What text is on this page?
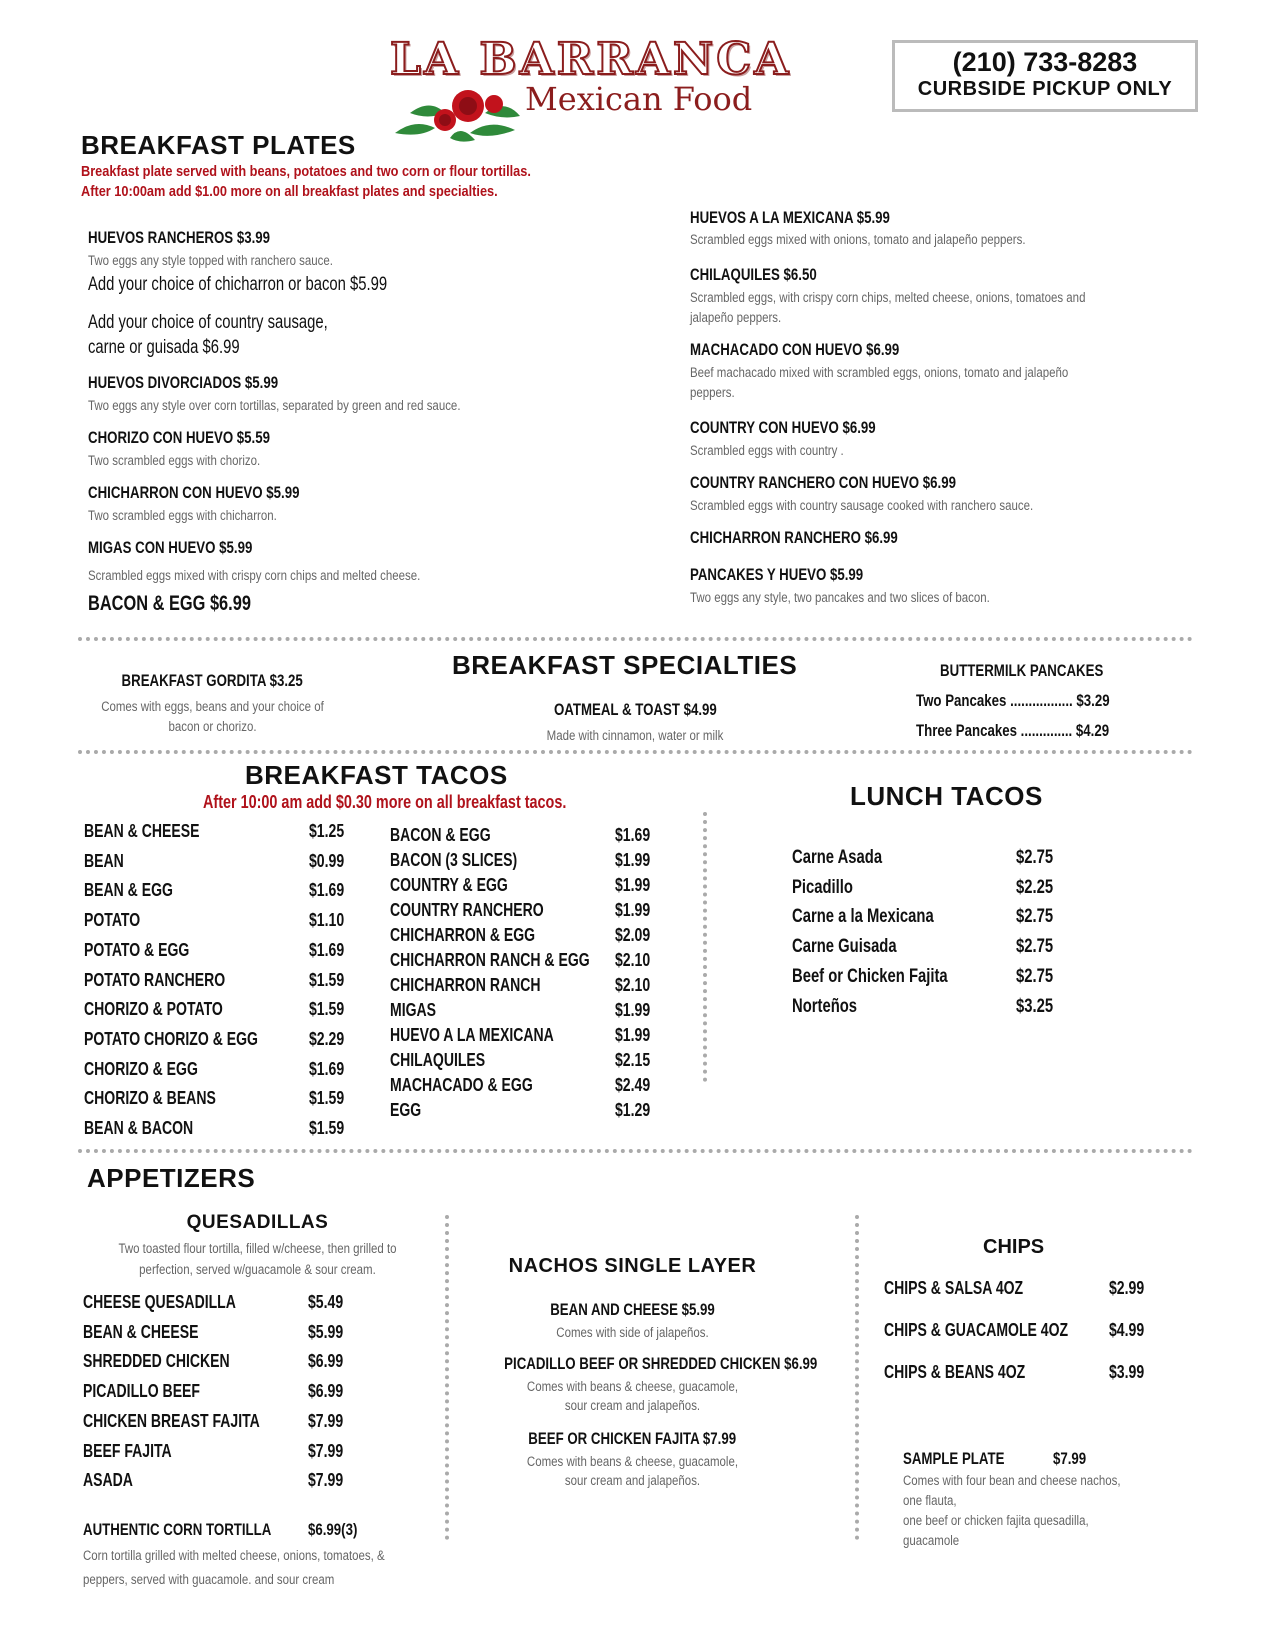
LA BARRANCA
Mexican Food
(210) 733-8283
CURBSIDE PICKUP ONLY
BREAKFAST PLATES
Breakfast plate served with beans, potatoes and two corn or flour tortillas.
After 10:00am add $1.00 more on all breakfast plates and specialties.
HUEVOS RANCHEROS $3.99
Two eggs any style topped with ranchero sauce.
Add your choice of chicharron or bacon $5.99
Add your choice of country sausage,
carne or guisada $6.99
HUEVOS DIVORCIADOS $5.99
Two eggs any style over corn tortillas, separated by green and red sauce.
CHORIZO CON HUEVO $5.59
Two scrambled eggs with chorizo.
CHICHARRON CON HUEVO $5.99
Two scrambled eggs with chicharron.
MIGAS CON HUEVO $5.99
Scrambled eggs mixed with crispy corn chips and melted cheese.
BACON & EGG $6.99
HUEVOS A LA MEXICANA $5.99
Scrambled eggs mixed with onions, tomato and jalapeño peppers.
CHILAQUILES $6.50
Scrambled eggs, with crispy corn chips, melted cheese, onions, tomatoes and
jalapeño peppers.
MACHACADO CON HUEVO $6.99
Beef machacado mixed with scrambled eggs, onions, tomato and jalapeño
peppers.
COUNTRY CON HUEVO $6.99
Scrambled eggs with country .
COUNTRY RANCHERO CON HUEVO $6.99
Scrambled eggs with country sausage cooked with ranchero sauce.
CHICHARRON RANCHERO $6.99
PANCAKES Y HUEVO $5.99
Two eggs any style, two pancakes and two slices of bacon.
BREAKFAST SPECIALTIES
BREAKFAST GORDITA $3.25
Comes with eggs, beans and your choice of
bacon or chorizo.
OATMEAL & TOAST $4.99
Made with cinnamon, water or milk
BUTTERMILK PANCAKES
Two Pancakes ................. $3.29
Three Pancakes .............. $4.29
BREAKFAST TACOS
After 10:00 am add $0.30 more on all breakfast tacos.
BEAN & CHEESE	$1.25
BEAN	$0.99
BEAN & EGG	$1.69
POTATO	$1.10
POTATO & EGG	$1.69
POTATO RANCHERO	$1.59
CHORIZO & POTATO	$1.59
POTATO CHORIZO & EGG	$2.29
CHORIZO & EGG	$1.69
CHORIZO & BEANS	$1.59
BEAN & BACON	$1.59
BACON & EGG	$1.69
BACON (3 SLICES)	$1.99
COUNTRY & EGG	$1.99
COUNTRY RANCHERO	$1.99
CHICHARRON & EGG	$2.09
CHICHARRON RANCH & EGG $2.10
CHICHARRON RANCH	$2.10
MIGAS	$1.99
HUEVO A LA MEXICANA	$1.99
CHILAQUILES	$2.15
MACHACADO & EGG	$2.49
EGG	$1.29
LUNCH TACOS
Carne Asada	$2.75
Picadillo	$2.25
Carne a la Mexicana	$2.75
Carne Guisada	$2.75
Beef or Chicken Fajita	$2.75
Norteños	$3.25
APPETIZERS
QUESADILLAS
Two toasted flour tortilla, filled w/cheese, then grilled to
perfection, served w/guacamole & sour cream.
CHEESE QUESADILLA	$5.49
BEAN & CHEESE	$5.99
SHREDDED CHICKEN	$6.99
PICADILLO BEEF	$6.99
CHICKEN BREAST FAJITA	$7.99
BEEF FAJITA	$7.99
ASADA	$7.99
AUTHENTIC CORN TORTILLA $6.99(3)
Corn tortilla grilled with melted cheese, onions, tomatoes, &
peppers, served with guacamole. and sour cream
NACHOS SINGLE LAYER
BEAN AND CHEESE $5.99
Comes with side of jalapeños.
PICADILLO BEEF OR SHREDDED CHICKEN $6.99
Comes with beans & cheese, guacamole,
sour cream and jalapeños.
BEEF OR CHICKEN FAJITA $7.99
Comes with beans & cheese, guacamole,
sour cream and jalapeños.
CHIPS
CHIPS & SALSA 4OZ	$2.99
CHIPS & GUACAMOLE 4OZ $4.99
CHIPS & BEANS 4OZ	$3.99
SAMPLE PLATE	$7.99
Comes with four bean and cheese nachos,
one flauta,
one beef or chicken fajita quesadilla,
guacamole
